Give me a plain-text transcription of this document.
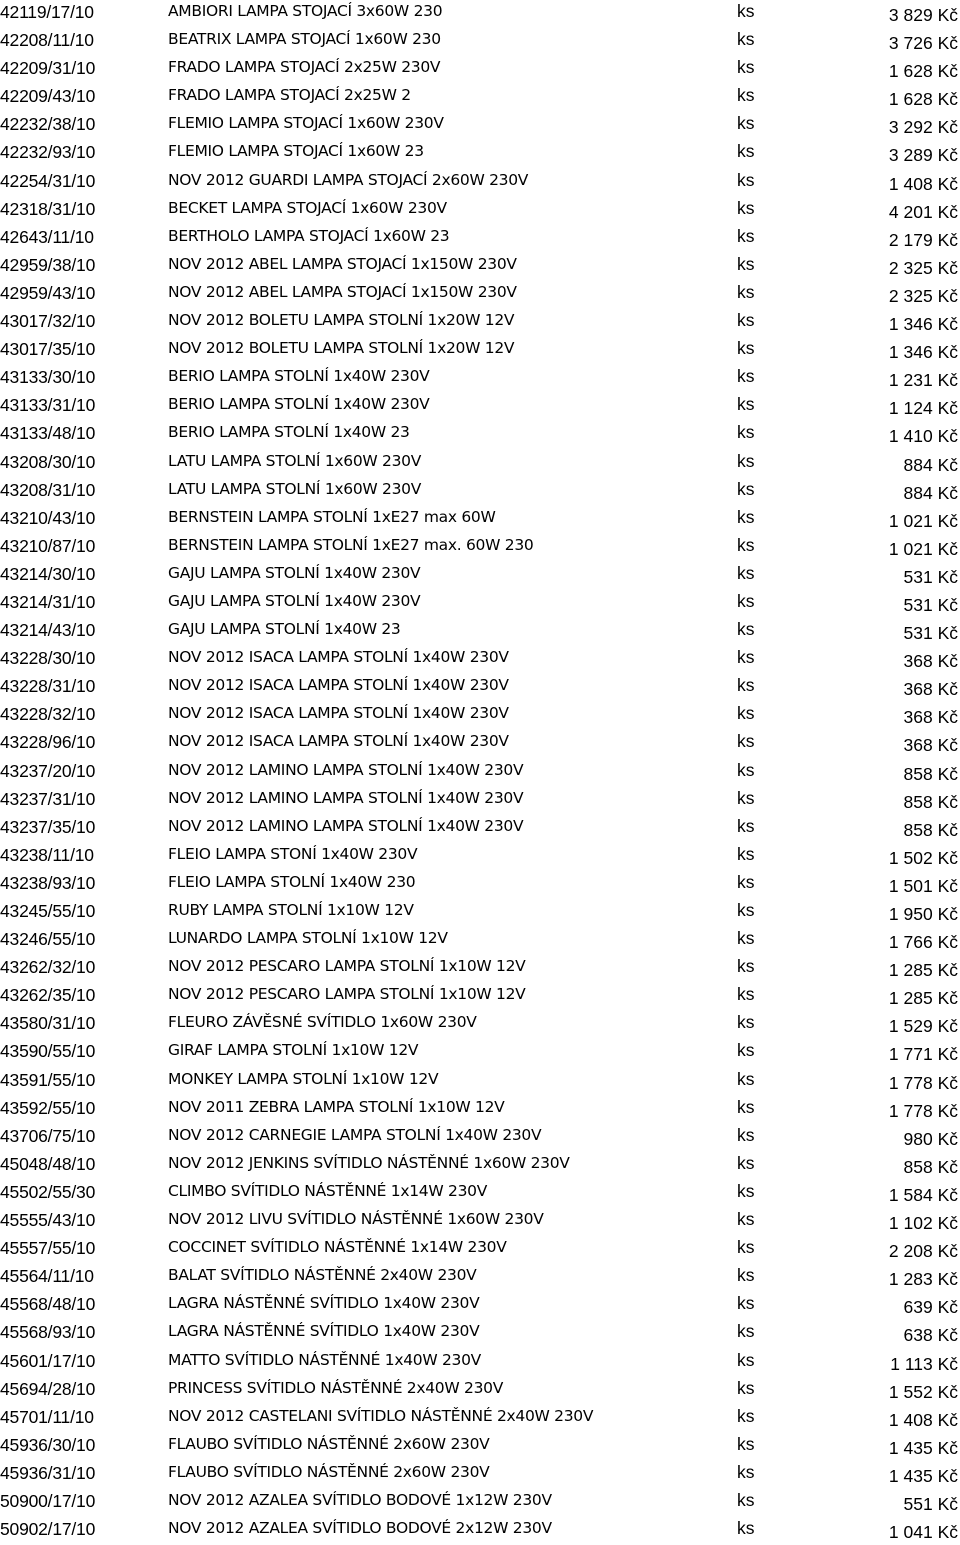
42119/17/10	AMBIORI LAMPA STOJACÍ 3x60W 230	ks	3 829 Kč
42208/11/10	BEATRIX LAMPA STOJACÍ 1x60W 230	ks	3 726 Kč
42209/31/10	FRADO LAMPA STOJACÍ 2x25W 230V	ks	1 628 Kč
42209/43/10	FRADO LAMPA STOJACÍ 2x25W 2	ks	1 628 Kč
42232/38/10	FLEMIO LAMPA STOJACÍ 1x60W 230V	ks	3 292 Kč
42232/93/10	FLEMIO LAMPA STOJACÍ 1x60W 23	ks	3 289 Kč
42254/31/10	NOV 2012 GUARDI LAMPA STOJACÍ 2x60W 230V	ks	1 408 Kč
42318/31/10	BECKET LAMPA STOJACÍ 1x60W 230V	ks	4 201 Kč
42643/11/10	BERTHOLO LAMPA STOJACÍ 1x60W 23	ks	2 179 Kč
42959/38/10	NOV 2012 ABEL LAMPA STOJACÍ 1x150W 230V	ks	2 325 Kč
42959/43/10	NOV 2012 ABEL LAMPA STOJACÍ 1x150W 230V	ks	2 325 Kč
43017/32/10	NOV 2012 BOLETU LAMPA STOLNÍ 1x20W 12V	ks	1 346 Kč
43017/35/10	NOV 2012 BOLETU LAMPA STOLNÍ 1x20W 12V	ks	1 346 Kč
43133/30/10	BERIO LAMPA STOLNÍ 1x40W 230V	ks	1 231 Kč
43133/31/10	BERIO LAMPA STOLNÍ 1x40W 230V	ks	1 124 Kč
43133/48/10	BERIO LAMPA STOLNÍ 1x40W 23	ks	1 410 Kč
43208/30/10	LATU LAMPA STOLNÍ 1x60W 230V	ks	884 Kč
43208/31/10	LATU LAMPA STOLNÍ 1x60W 230V	ks	884 Kč
43210/43/10	BERNSTEIN LAMPA STOLNÍ 1xE27 max 60W	ks	1 021 Kč
43210/87/10	BERNSTEIN LAMPA STOLNÍ 1xE27 max. 60W 230	ks	1 021 Kč
43214/30/10	GAJU LAMPA STOLNÍ 1x40W 230V	ks	531 Kč
43214/31/10	GAJU LAMPA STOLNÍ 1x40W 230V	ks	531 Kč
43214/43/10	GAJU LAMPA STOLNÍ 1x40W 23	ks	531 Kč
43228/30/10	NOV 2012 ISACA LAMPA STOLNÍ 1x40W 230V	ks	368 Kč
43228/31/10	NOV 2012 ISACA LAMPA STOLNÍ 1x40W 230V	ks	368 Kč
43228/32/10	NOV 2012 ISACA LAMPA STOLNÍ 1x40W 230V	ks	368 Kč
43228/96/10	NOV 2012 ISACA LAMPA STOLNÍ 1x40W 230V	ks	368 Kč
43237/20/10	NOV 2012 LAMINO LAMPA STOLNÍ 1x40W 230V	ks	858 Kč
43237/31/10	NOV 2012 LAMINO LAMPA STOLNÍ 1x40W 230V	ks	858 Kč
43237/35/10	NOV 2012 LAMINO LAMPA STOLNÍ 1x40W 230V	ks	858 Kč
43238/11/10	FLEIO LAMPA STONÍ 1x40W 230V	ks	1 502 Kč
43238/93/10	FLEIO LAMPA STOLNÍ 1x40W 230	ks	1 501 Kč
43245/55/10	RUBY LAMPA STOLNÍ 1x10W 12V	ks	1 950 Kč
43246/55/10	LUNARDO LAMPA STOLNÍ 1x10W 12V	ks	1 766 Kč
43262/32/10	NOV 2012 PESCARO LAMPA STOLNÍ 1x10W 12V	ks	1 285 Kč
43262/35/10	NOV 2012 PESCARO LAMPA STOLNÍ 1x10W 12V	ks	1 285 Kč
43580/31/10	FLEURO ZÁVĚSNÉ SVÍTIDLO 1x60W 230V	ks	1 529 Kč
43590/55/10	GIRAF LAMPA STOLNÍ 1x10W 12V	ks	1 771 Kč
43591/55/10	MONKEY LAMPA STOLNÍ 1x10W 12V	ks	1 778 Kč
43592/55/10	NOV 2011 ZEBRA LAMPA STOLNÍ 1x10W 12V	ks	1 778 Kč
43706/75/10	NOV 2012 CARNEGIE LAMPA STOLNÍ 1x40W 230V	ks	980 Kč
45048/48/10	NOV 2012 JENKINS SVÍTIDLO NÁSTĚNNÉ 1x60W 230V	ks	858 Kč
45502/55/30	CLIMBO SVÍTIDLO NÁSTĚNNÉ 1x14W 230V	ks	1 584 Kč
45555/43/10	NOV 2012 LIVU SVÍTIDLO NÁSTĚNNÉ 1x60W 230V	ks	1 102 Kč
45557/55/10	COCCINET SVÍTIDLO NÁSTĚNNÉ 1x14W 230V	ks	2 208 Kč
45564/11/10	BALAT SVÍTIDLO NÁSTĚNNÉ 2x40W 230V	ks	1 283 Kč
45568/48/10	LAGRA NÁSTĚNNÉ SVÍTIDLO 1x40W 230V	ks	639 Kč
45568/93/10	LAGRA NÁSTĚNNÉ SVÍTIDLO 1x40W 230V	ks	638 Kč
45601/17/10	MATTO SVÍTIDLO NÁSTĚNNÉ 1x40W 230V	ks	1 113 Kč
45694/28/10	PRINCESS SVÍTIDLO NÁSTĚNNÉ 2x40W 230V	ks	1 552 Kč
45701/11/10	NOV 2012 CASTELANI SVÍTIDLO NÁSTĚNNÉ 2x40W 230V	ks	1 408 Kč
45936/30/10	FLAUBO SVÍTIDLO NÁSTĚNNÉ 2x60W 230V	ks	1 435 Kč
45936/31/10	FLAUBO SVÍTIDLO NÁSTĚNNÉ 2x60W 230V	ks	1 435 Kč
50900/17/10	NOV 2012 AZALEA SVÍTIDLO BODOVÉ 1x12W 230V	ks	551 Kč
50902/17/10	NOV 2012 AZALEA SVÍTIDLO BODOVÉ 2x12W 230V	ks	1 041 Kč
